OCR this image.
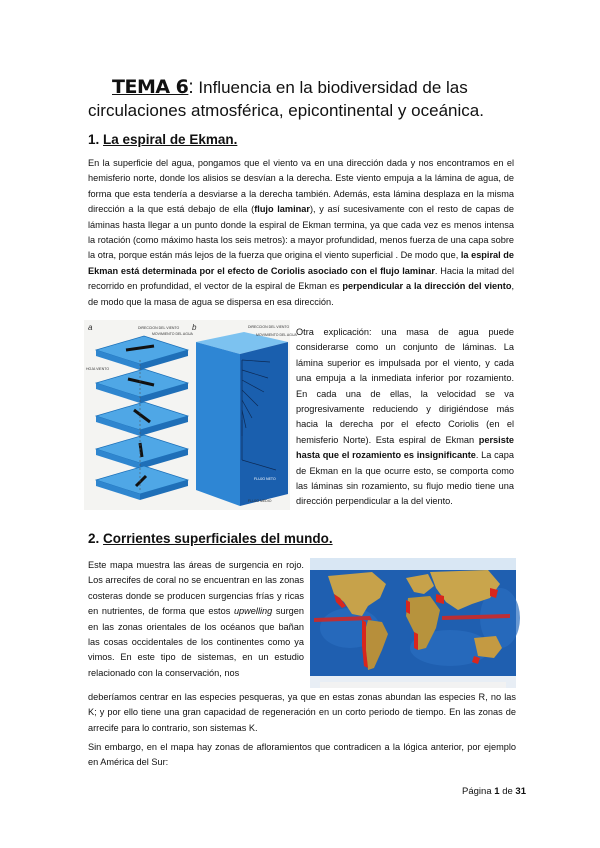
TEMA 6: Influencia en la biodiversidad de las
circulaciones atmosférica, epicontinental y oceánica.
1. La espiral de Ekman.
En la superficie del agua, pongamos que el viento va en una dirección dada y nos encontramos en el hemisferio norte, donde los alisios se desvían a la derecha. Este viento empuja a la lámina de agua, de forma que esta tendería a desviarse a la derecha también. Además, esta lámina desplaza en la misma dirección a la que está debajo de ella (flujo laminar), y así sucesivamente con el resto de capas de láminas hasta llegar a un punto donde la espiral de Ekman termina, ya que cada vez es menos intensa la rotación (como máximo hasta los seis metros): a mayor profundidad, menos fuerza de una capa sobre la otra, porque están más lejos de la fuerza que origina el viento superficial . De modo que, la espiral de Ekman está determinada por el efecto de Coriolis asociado con el flujo laminar. Hacia la mitad del recorrido en profundidad, el vector de la espiral de Ekman es perpendicular a la dirección del viento, de modo que la masa de agua se dispersa en esa dirección.
a	DIRECCION DEL VIENTO
MOVIMIENTO DEL AGUA
HOJA VIENTO
b	DIRECCION DEL VIENTO
MOVIMIENTO DEL AGUA
FLUJO NETO
FLUJO MEDIO
Otra explicación: una masa de agua puede considerarse como un conjunto de láminas. La lámina superior es impulsada por el viento, y cada una empuja a la inmediata inferior por rozamiento. En cada una de ellas, la velocidad se va progresivamente reduciendo y dirigiéndose más hacia la derecha por el efecto Coriolis (en el hemisferio Norte). Esta espiral de Ekman persiste hasta que el rozamiento es insignificante. La capa de Ekman en la que ocurre esto, se comporta como las láminas sin rozamiento, su flujo medio tiene una dirección perpendicular a la del viento.
2. Corrientes superficiales del mundo.
Este mapa muestra las áreas de surgencia en rojo. Los arrecifes de coral no se encuentran en las zonas costeras donde se producen surgencias frías y ricas en nutrientes, de forma que estos upwelling surgen en las zonas orientales de los océanos que bañan las cosas occidentales de los continentes como ya vimos. En este tipo de sistemas, en un estudio relacionado con la conservación, nos
deberíamos centrar en las especies pesqueras, ya que en estas zonas abundan las especies R, no las K; y por ello tiene una gran capacidad de regeneración en un corto periodo de tiempo. En las zonas de arrecife para lo contrario, son sistemas K.
Sin embargo, en el mapa hay zonas de afloramientos que contradicen a la lógica anterior, por ejemplo en América del Sur:
Página 1 de 31
